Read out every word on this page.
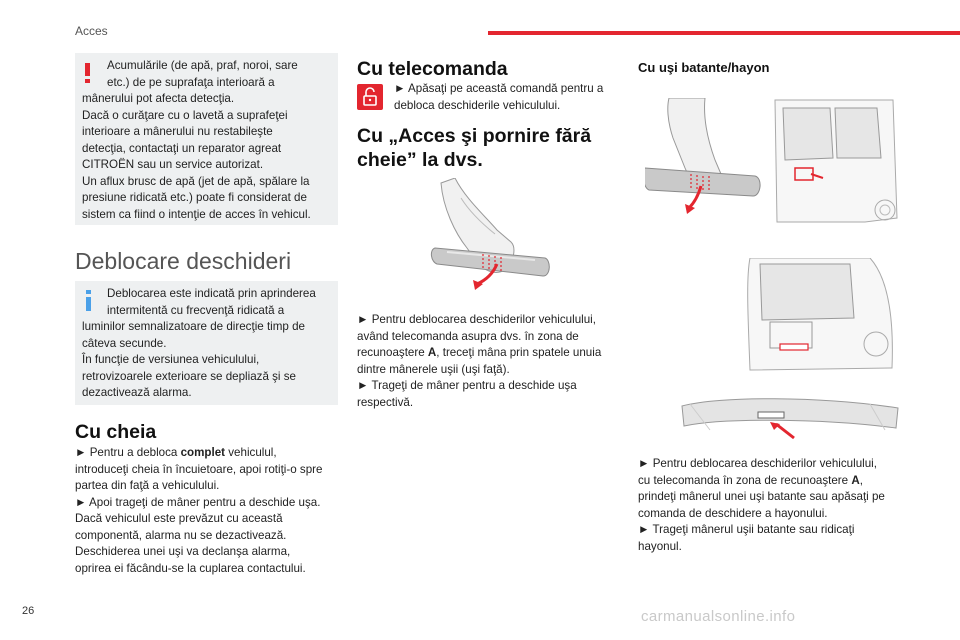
Acces
Acumulările (de apă, praf, noroi, sare
etc.) de pe suprafaţa interioară a
mânerului pot afecta detecţia.
Dacă o curăţare cu o lavetă a suprafeţei
interioare a mânerului nu restabileşte
detecţia, contactaţi un reparator agreat
CITROËN sau un service autorizat.
Un aflux brusc de apă (jet de apă, spălare la
presiune ridicată etc.) poate fi considerat de
sistem ca fiind o intenţie de acces în vehicul.
Deblocare deschideri
Deblocarea este indicată prin aprinderea
intermitentă cu frecvenţă ridicată a
luminilor semnalizatoare de direcţie timp de
câteva secunde.
În funcţie de versiunea vehiculului,
retrovizoarele exterioare se depliază şi se
dezactivează alarma.
Cu cheia
► Pentru a debloca complet vehiculul,
introduceţi cheia în încuietoare, apoi rotiţi-o spre
partea din faţă a vehiculului.
► Apoi trageţi de mâner pentru a deschide uşa.
Dacă vehiculul este prevăzut cu această
componentă, alarma nu se dezactivează.
Deschiderea unei uşi va declanşa alarma,
oprirea ei făcându-se la cuplarea contactului.
Cu telecomanda
► Apăsaţi pe această comandă pentru a
debloca deschiderile vehiculului.
Cu „Acces şi pornire fără
cheie” la dvs.
► Pentru deblocarea deschiderilor vehiculului,
având telecomanda asupra dvs. în zona de
recunoaştere A, treceţi mâna prin spatele unuia
dintre mânerele uşii (uşi faţă).
► Trageţi de mâner pentru a deschide uşa
respectivă.
Cu uşi batante/hayon
► Pentru deblocarea deschiderilor vehiculului,
cu telecomanda în zona de recunoaştere A,
prindeţi mânerul unei uşi batante sau apăsaţi pe
comanda de deschidere a hayonului.
► Trageţi mânerul uşii batante sau ridicaţi
hayonul.
26	carmanualsonline.info
